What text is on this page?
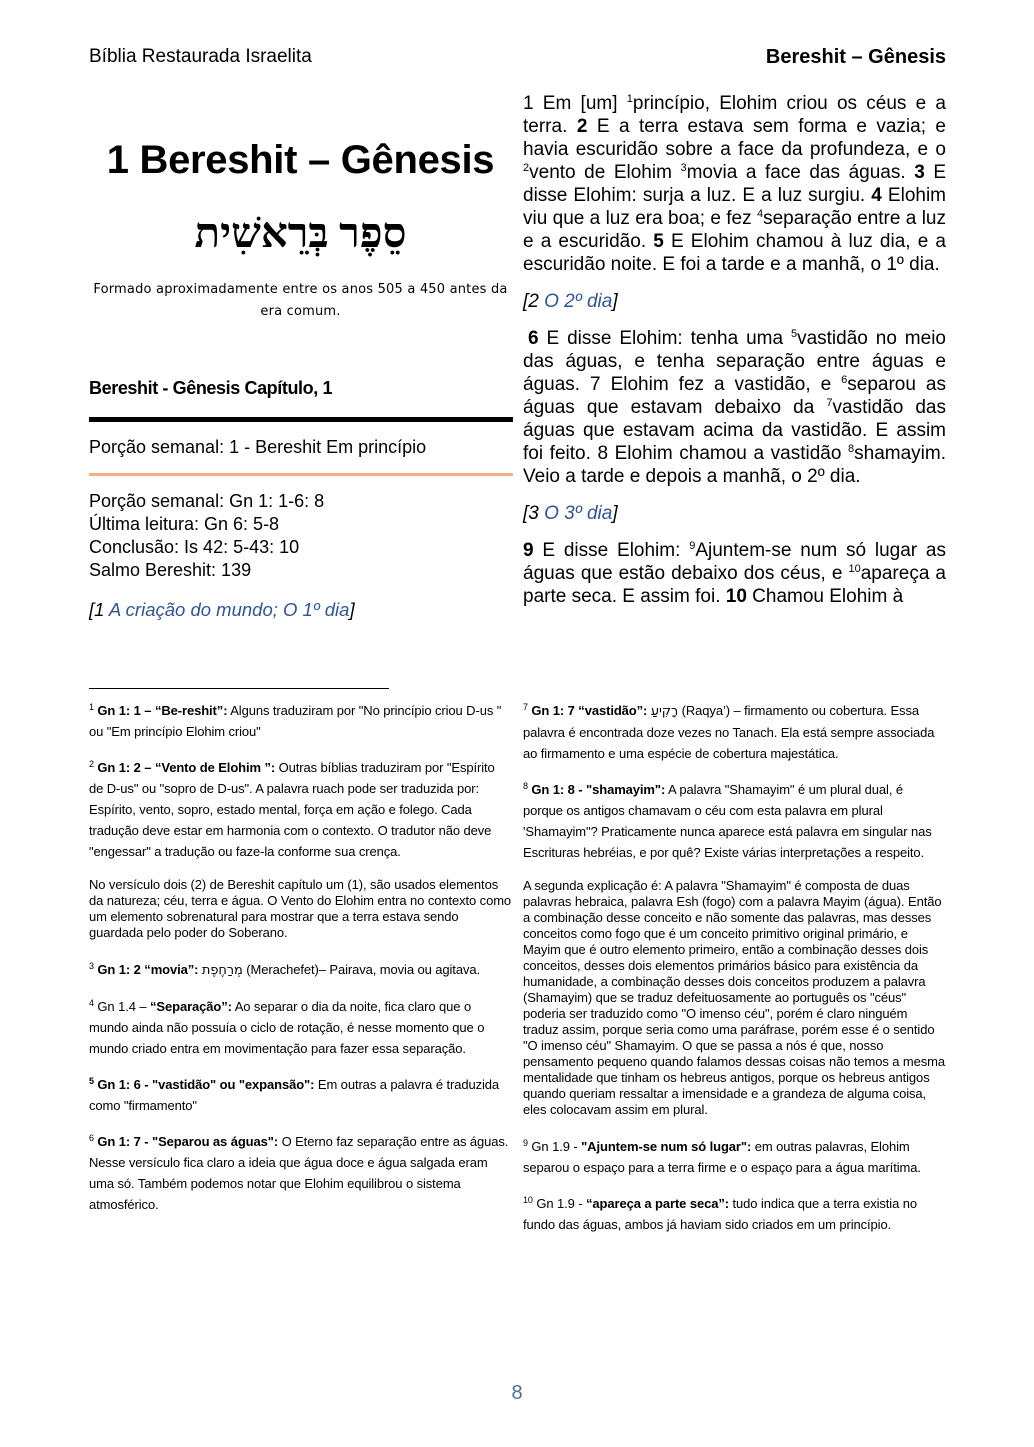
Bíblia Restaurada Israelita	Bereshit – Gênesis
1 Bereshit – Gênesis
סֵפֶר בְּרֵאשִׁית
Formado aproximadamente entre os anos 505 a 450 antes da era comum.
Bereshit - Gênesis Capítulo, 1
Porção semanal: 1 - Bereshit Em princípio
Porção semanal: Gn 1: 1-6: 8
Última leitura: Gn 6: 5-8
Conclusão: Is 42: 5-43: 10
Salmo Bereshit: 139
[1 A criação do mundo; O 1º dia]

1 Em [um] $^1$princípio, Elohim criou os céus e a terra. 2 E a terra estava sem forma e vazia; e havia escuridão sobre a face da profundeza, e o $^2$vento de Elohim $^3$movia a face das águas. 3 E disse Elohim: surja a luz. E a luz surgiu. 4 Elohim viu que a luz era boa; e fez $^4$separação entre a luz e a escuridão. 5 E Elohim chamou à luz dia, e a escuridão noite. E foi a tarde e a manhã, o 1º dia.

[2 O 2º dia]

6 E disse Elohim: tenha uma $^5$vastidão no meio das águas, e tenha separação entre águas e águas. 7 Elohim fez a vastidão, e $^6$separou as águas que estavam debaixo da $^7$vastidão das águas que estavam acima da vastidão. E assim foi feito. 8 Elohim chamou a vastidão $^8$shamayim. Veio a tarde e depois a manhã, o 2º dia.

[3 O 3º dia]

9 E disse Elohim: $^9$Ajuntem-se num só lugar as águas que estão debaixo dos céus, e $^{10}$apareça a parte seca. E assim foi. 10 Chamou Elohim à

$^1$ Gn 1: 1 – “Be-reshit”: Alguns traduziram por "No princípio criou D-us " ou "Em princípio Elohim criou"

$^2$ Gn 1: 2 – “Vento de Elohim ”: Outras bíblias traduziram por "Espírito de D-us" ou "sopro de D-us". A palavra ruach pode ser traduzida por: Espírito, vento, sopro, estado mental, força em ação e folego. Cada tradução deve estar em harmonia com o contexto. O tradutor não deve "engessar" a tradução ou faze-la conforme sua crença.

No versículo dois (2) de Bereshit capítulo um (1), são usados elementos da natureza; céu, terra e água. O Vento do Elohim entra no contexto como um elemento sobrenatural para mostrar que a terra estava sendo guardada pelo poder do Soberano.

$^3$ Gn 1: 2 “movia”: מְרַחֶפֶת (Merachefet)– Pairava, movia ou agitava.

$^4$ Gn 1.4 – “Separação”: Ao separar o dia da noite, fica claro que o mundo ainda não possuía o ciclo de rotação, é nesse momento que o mundo criado entra em movimentação para fazer essa separação.

$^5$ Gn 1: 6 - "vastidão" ou "expansão": Em outras a palavra é traduzida como "firmamento"

$^6$ Gn 1: 7 - "Separou as águas": O Eterno faz separação entre as águas. Nesse versículo fica claro a ideia que água doce e água salgada eram uma só. Também podemos notar que Elohim equilibrou o sistema atmosférico.

$^7$ Gn 1: 7 “vastidão”: רָקִיעַ (Raqya’) – firmamento ou cobertura. Essa palavra é encontrada doze vezes no Tanach. Ela está sempre associada ao firmamento e uma espécie de cobertura majestática.

$^8$ Gn 1: 8 - "shamayim": A palavra "Shamayim" é um plural dual, é porque os antigos chamavam o céu com esta palavra em plural 'Shamayim"? Praticamente nunca aparece está palavra em singular nas Escrituras hebréias, e por quê? Existe várias interpretações a respeito.

A segunda explicação é: A palavra "Shamayim" é composta de duas palavras hebraica, palavra Esh (fogo) com a palavra Mayim (água). Então a combinação desse conceito e não somente das palavras, mas desses conceitos como fogo que é um conceito primitivo original primário, e Mayim que é outro elemento primeiro, então a combinação desses dois conceitos, desses dois elementos primários básico para existência da humanidade, a combinação desses dois conceitos produzem a palavra (Shamayim) que se traduz defeituosamente ao português os "céus" poderia ser traduzido como "O imenso céu", porém é claro ninguém traduz assim, porque seria como uma paráfrase, porém esse é o sentido "O imenso céu" Shamayim. O que se passa a nós é que, nosso pensamento pequeno quando falamos dessas coisas não temos a mesma mentalidade que tinham os hebreus antigos, porque os hebreus antigos quando queriam ressaltar a imensidade e a grandeza de alguma coisa, eles colocavam assim em plural.

$^9$ Gn 1.9 - "Ajuntem-se num só lugar": em outras palavras, Elohim separou o espaço para a terra firme e o espaço para a água marítima.

$^{10}$ Gn 1.9 - “apareça a parte seca”: tudo indica que a terra existia no fundo das águas, ambos já haviam sido criados em um princípio.

8
